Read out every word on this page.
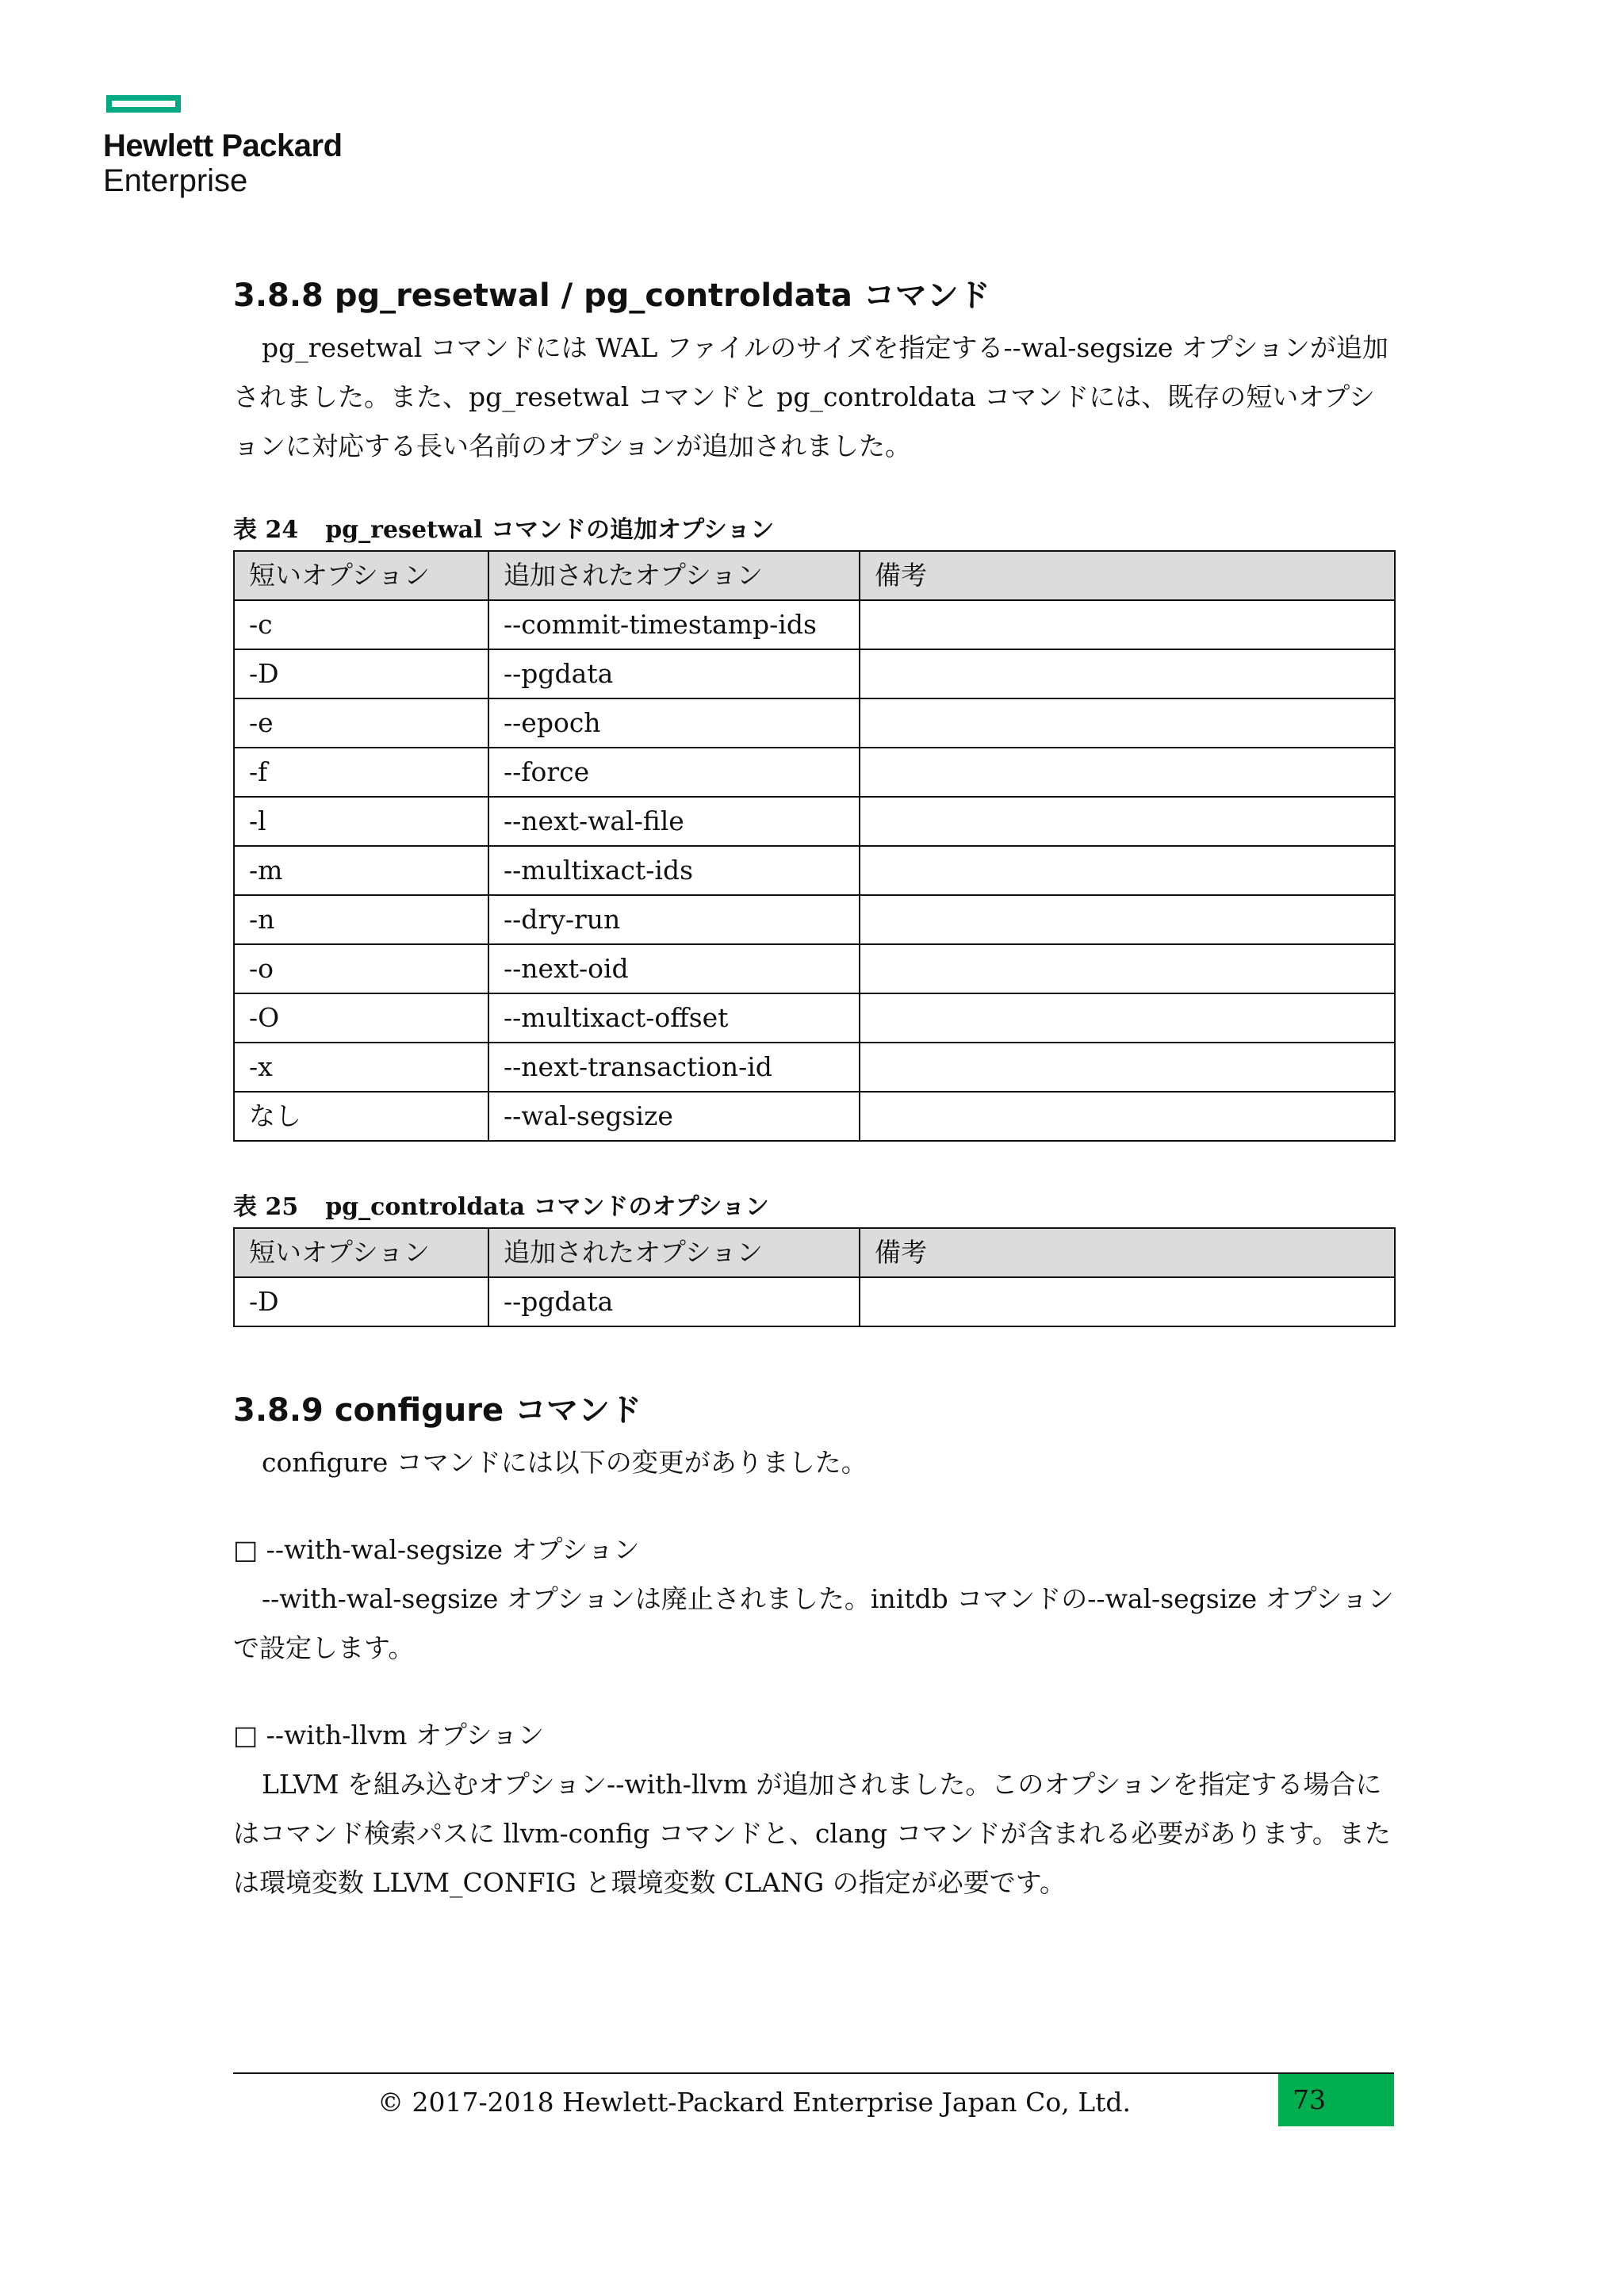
Hewlett Packard
Enterprise
3.8.8 pg_resetwal / pg_controldata コマンド

pg_resetwal コマンドには WAL ファイルのサイズを指定する--wal-segsize オプションが追加されました。また、pg_resetwal コマンドと pg_controldata コマンドには、既存の短いオプションに対応する長い名前のオプションが追加されました。

表 24 pg_resetwal コマンドの追加オプション
短いオプション	追加されたオプション	備考
-c	--commit-timestamp-ids	
-D	--pgdata	
-e	--epoch	
-f	--force	
-l	--next-wal-file	
-m	--multixact-ids	
-n	--dry-run	
-o	--next-oid	
-O	--multixact-offset	
-x	--next-transaction-id	
なし	--wal-segsize	
表 25 pg_controldata コマンドのオプション
短いオプション	追加されたオプション	備考
-D	--pgdata	
3.8.9 configure コマンド

configure コマンドには以下の変更がありました。

□ --with-wal-segsize オプション

--with-wal-segsize オプションは廃止されました。initdb コマンドの--wal-segsize オプションで設定します。

□ --with-llvm オプション

LLVM を組み込むオプション--with-llvm が追加されました。このオプションを指定する場合にはコマンド検索パスに llvm-config コマンドと、clang コマンドが含まれる必要があります。または環境変数 LLVM_CONFIG と環境変数 CLANG の指定が必要です。

© 2017-2018 Hewlett-Packard Enterprise Japan Co, Ltd.	73
